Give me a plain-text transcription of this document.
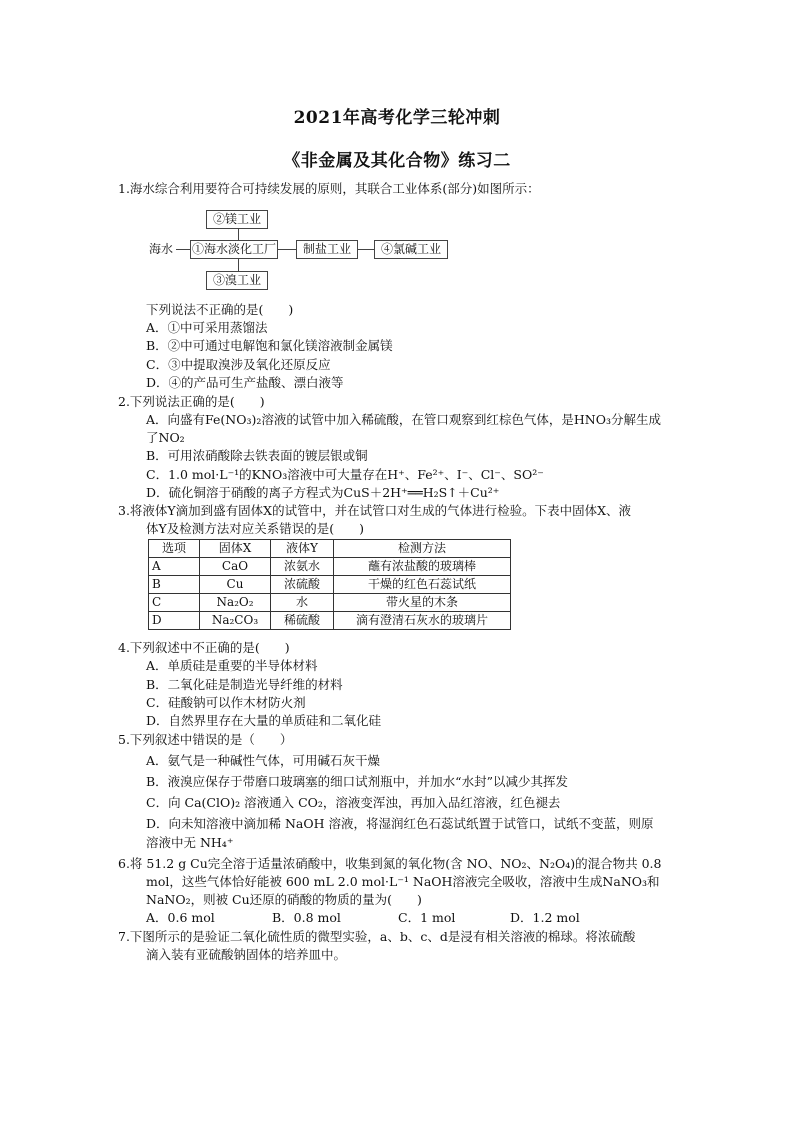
2021年高考化学三轮冲刺
《非金属及其化合物》练习二
1.海水综合利用要符合可持续发展的原则，其联合工业体系(部分)如图所示：
海水 ①海水淡化工厂
②镁工业
③溴工业
制盐工业	④氯碱工业
下列说法不正确的是(　　)
A．①中可采用蒸馏法
B．②中可通过电解饱和氯化镁溶液制金属镁
C．③中提取溴涉及氧化还原反应
D．④的产品可生产盐酸、漂白液等
2.下列说法正确的是(　　)
A．向盛有Fe(NO₃)₂溶液的试管中加入稀硫酸，在管口观察到红棕色气体，是HNO₃分解生成
了NO₂
B．可用浓硝酸除去铁表面的镀层银或铜
C．1.0 mol·L⁻¹的KNO₃溶液中可大量存在H⁺、Fe²⁺、I⁻、Cl⁻、SO²⁻
D．硫化铜溶于硝酸的离子方程式为CuS＋2H⁺══H₂S↑＋Cu²⁺
3.将液体Y滴加到盛有固体X的试管中，并在试管口对生成的气体进行检验。下表中固体X、液
体Y及检测方法对应关系错误的是(　　)
选项	固体X	液体Y	检测方法
A	CaO	浓氨水	蘸有浓盐酸的玻璃棒
B	Cu	浓硫酸	干燥的红色石蕊试纸
C	Na₂O₂	水	带火星的木条
D	Na₂CO₃	稀硫酸	滴有澄清石灰水的玻璃片
4.下列叙述中不正确的是(　　)
A．单质硅是重要的半导体材料
B．二氧化硅是制造光导纤维的材料
C．硅酸钠可以作木材防火剂
D．自然界里存在大量的单质硅和二氧化硅
5.下列叙述中错误的是（　　）
A．氨气是一种碱性气体，可用碱石灰干燥
B．液溴应保存于带磨口玻璃塞的细口试剂瓶中，并加水“水封”以减少其挥发
C．向 Ca(ClO)₂ 溶液通入 CO₂，溶液变浑浊，再加入品红溶液，红色褪去
D．向未知溶液中滴加稀 NaOH 溶液，将湿润红色石蕊试纸置于试管口，试纸不变蓝，则原
溶液中无 NH₄⁺
6.将 51.2 g Cu完全溶于适量浓硝酸中，收集到氮的氧化物(含 NO、NO₂、N₂O₄)的混合物共 0.8
mol，这些气体恰好能被 600 mL 2.0 mol·L⁻¹ NaOH溶液完全吸收，溶液中生成NaNO₃和
NaNO₂，则被 Cu还原的硝酸的物质的量为(　　)
A．0.6 mol	B．0.8 mol	C．1 mol	D．1.2 mol
7.下图所示的是验证二氧化硫性质的微型实验，a、b、c、d是浸有相关溶液的棉球。将浓硫酸
滴入装有亚硫酸钠固体的培养皿中。
